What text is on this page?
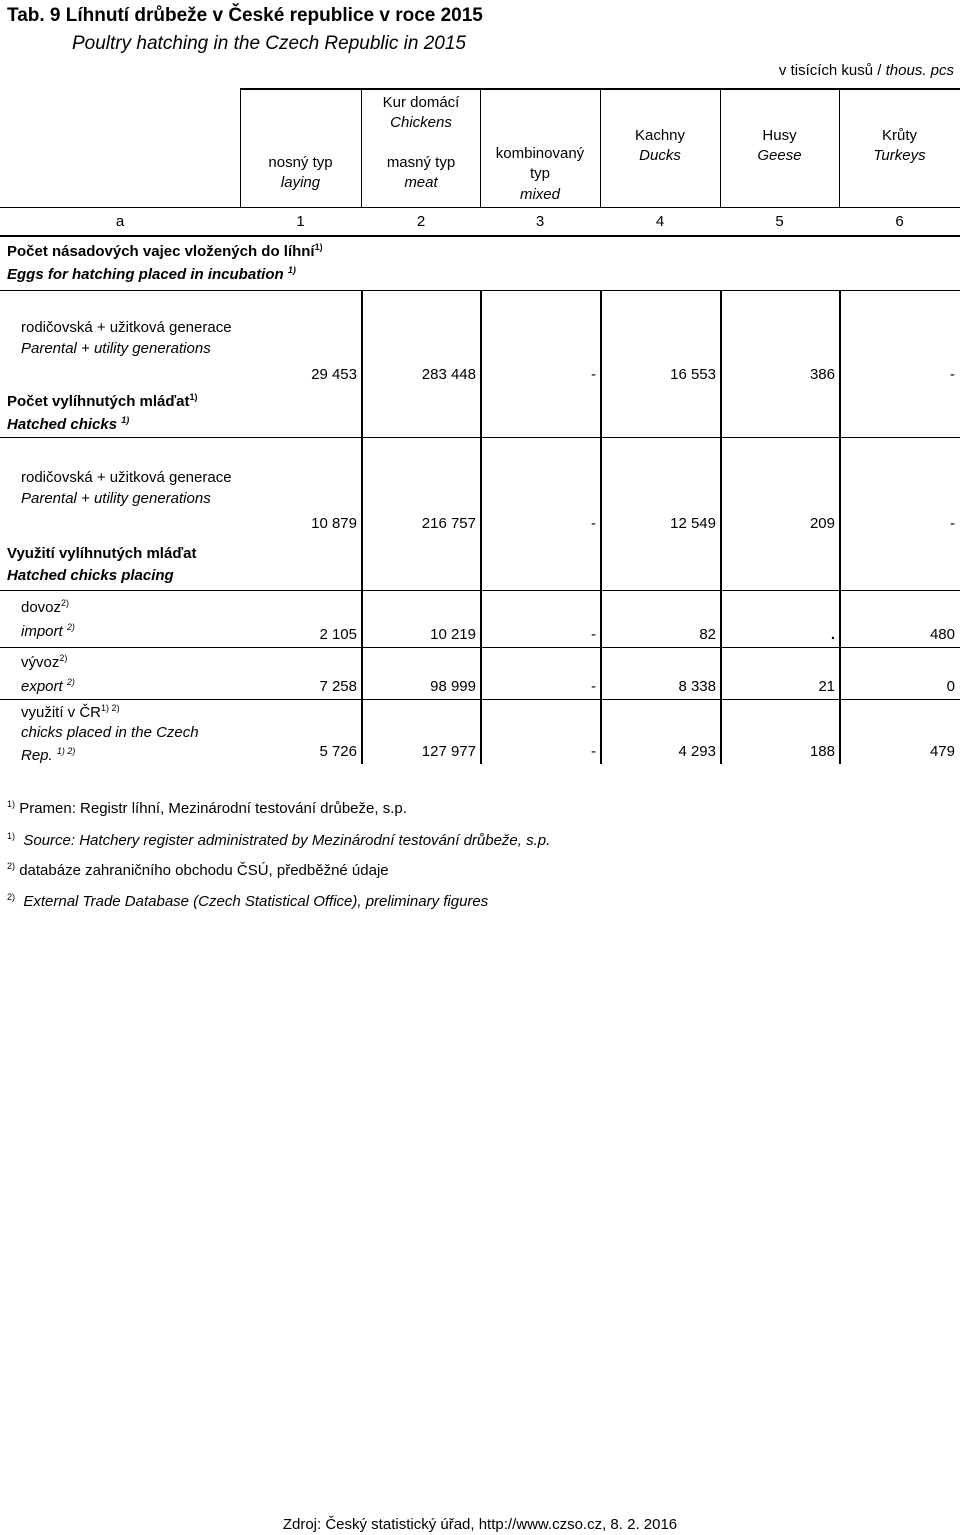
Tab. 9 Líhnutí drůbeže v České republice v roce 2015
Poultry hatching in the Czech Republic in 2015
v tisících kusů / thous. pcs
Kur domácí
Chickens
nosný typ
laying
masný typ
meat
kombinovaný
typ
mixed
Kachny
Ducks
Husy
Geese
Krůty
Turkeys
a	1	2	3	4	5	6
Počet násadových vajec vložených do líhní$^{1)}$
Eggs for hatching placed in incubation $^{1)}$
rodičovská + užitková generace
Parental + utility generations
29 453	283 448	-	16 553	386	-
Počet vylíhnutých mláďat$^{1)}$
Hatched chicks $^{1)}$
rodičovská + užitková generace
Parental + utility generations
10 879	216 757	-	12 549	209	-
Využití vylíhnutých mláďat
Hatched chicks placing
dovoz$^{2)}$
import $^{2)}$	2 105	10 219	-	82	.	480
vývoz$^{2)}$
export $^{2)}$	7 258	98 999	-	8 338	21	0
využití v $ČR^{1) 2)}$
chicks placed in the Czech
Rep. $^{1) 2)}$	5 726	127 977	-	4 293	188	479
$^{1)}$ Pramen: Registr líhní, Mezinárodní testování drůbeže, s.p.
$^{1)}$ Source: Hatchery register administrated by Mezinárodní testování drůbeže, s.p.
$^{2)}$ databáze zahraničního obchodu ČSÚ, předběžné údaje
$^{2)}$ External Trade Database (Czech Statistical Office), preliminary figures
Zdroj: Český statistický úřad, http://www.czso.cz, 8. 2. 2016
